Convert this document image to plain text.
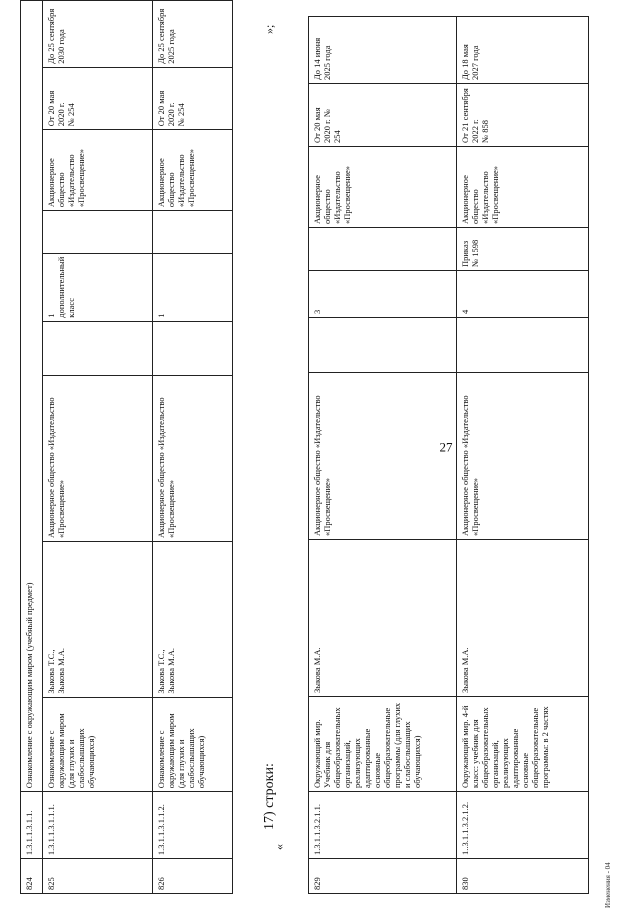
824	1.3.1.1.3.1.1.	Ознакомление с окружающим миром (учебный предмет)								
825	1.3.1.1.3.1.1.1.	Ознакомление с окружающим миром (для глухих и слабослышащих обучающихся)	Зыкова Т.С.,
Зыкова М.А.	Акционерное общество «Издательство «Просвещение»		1 дополнительный класс		Акционерное общество «Издательство «Просвещение»	От 20 мая
2020 г.
№ 254	До 25 сентября 2030 года
826	1.3.1.1.3.1.1.2.	Ознакомление с окружающим миром (для глухих и слабослышащих обучающихся)	Зыкова Т.С.,
Зыкова М.А.	Акционерное общество «Издательство «Просвещение»		1		Акционерное общество «Издательство «Просвещение»	От 20 мая
2020 г.
№ 254	До 25 сентября 2025 года
«
17) строки:
»;
829	1.3.1.1.3.2.1.1.	Окружающий мир. Учебник для общеобразовательных организаций, реализующих адаптированные основные общеобразовательные программы (для глухих и слабослышащих обучающихся)	Зыкова М.А.	Акционерное общество «Издательство «Просвещение»		3		Акционерное общество «Издательство «Просвещение»	От 20 мая
2020 г. №
254	До 14 июня
2025 года
830	1..3.1.1.3.2.1.2.	Окружающий мир. 4-й класс: учебник для общеобразовательных организаций, реализующих адаптированные основные общеобразовательные программы: в 2 частях	Зыкова М.А.	Акционерное общество «Издательство «Просвещение»		4	Приказ
№ 1598	Акционерное общество «Издательство «Просвещение»	От 21 сентября 2022 г.
№ 858	До 18 мая
2027 года
Изменения - 04
27
